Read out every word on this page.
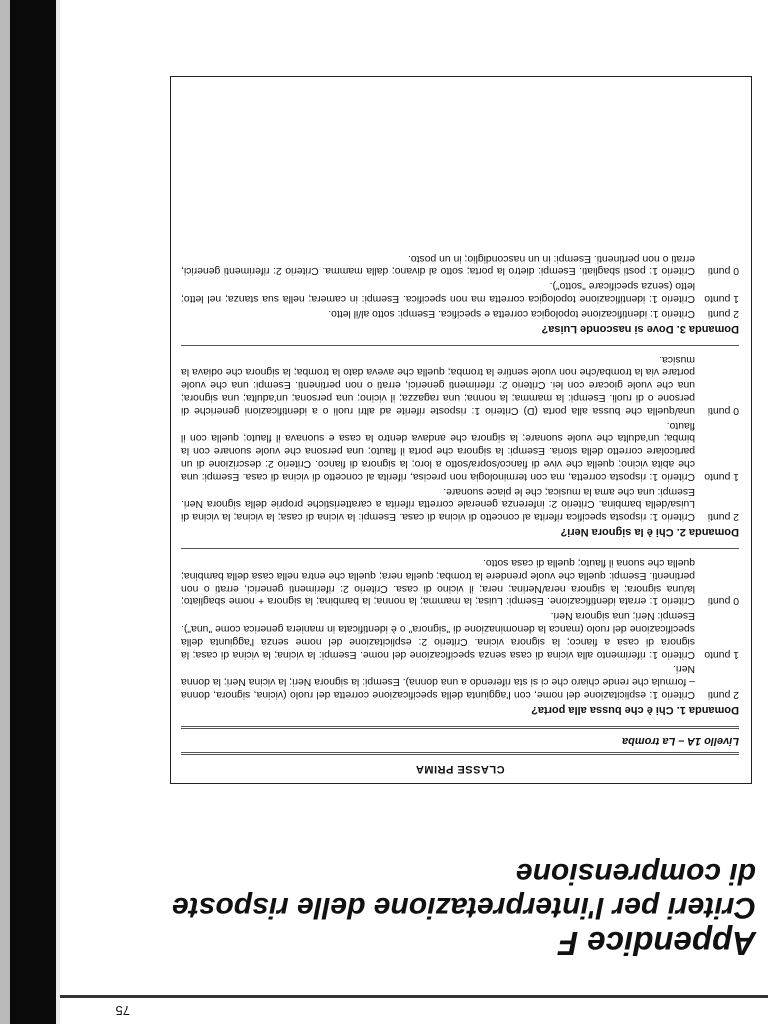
75

Appendice F

Criteri per l'interpretazione delle risposte

di comprensione

CLASSE PRIMA

Livello 1A – La tromba

Domanda 1. Chi è che bussa alla porta?

2 punti
Criterio 1: esplicitazione del nome, con l'aggiunta della specificazione corretta del ruolo (vicina, signora, donna – formula che rende chiaro che ci si sta riferendo a una donna). Esempi: la signora Neri; la vicina Neri; la donna Neri.
1 punto
Criterio 1: riferimento alla vicina di casa senza specificazione del nome. Esempi: la vicina; la vicina di casa; la signora di casa a fianco; la signora vicina. Criterio 2: esplicitazione del nome senza l'aggiunta della specificazione del ruolo (manca la denominazione di "signora" o è identificata in maniera generica come "una"). Esempi: Neri; una signora Neri.
0 punti
Criterio 1: errata identificazione. Esempi: Luisa; la mamma; la nonna; la bambina; la signora + nome sbagliato; la/una signora; la signora nera/Nerina; nera; il vicino di casa. Criterio 2: riferimenti generici, errati o non pertinenti. Esempi: quella che vuole prendere la tromba; quella nera; quella che entra nella casa della bambina; quella che suona il flauto; quella di casa sotto.

Domanda 2. Chi è la signora Neri?

2 punti
Criterio 1: risposta specifica riferita al concetto di vicina di casa. Esempi: la vicina di casa; la vicina; la vicina di Luisa/della bambina. Criterio 2: inferenza generale corretta riferita a caratteristiche proprie della signora Neri. Esempi: una che ama la musica; che le piace suonare.
1 punto
Criterio 1: risposta corretta, ma con terminologia non precisa, riferita al concetto di vicina di casa. Esempi: una che abita vicino; quella che vive di fianco/sopra/sotto a loro; la signora di fianco. Criterio 2: descrizione di un particolare corretto della storia. Esempi: la signora che porta il flauto; una persona che vuole suonare con la bimba; un'adulta che vuole suonare; la signora che andava dentro la casa e suonava il flauto; quella con il flauto.
0 punti
una/quella che bussa alla porta (D) Criterio 1: risposte riferite ad altri ruoli o a identificazioni generiche di persone o di ruoli. Esempi: la mamma; la nonna; una ragazza; il vicino; una persona; un'adulta; una signora; una che vuole giocare con lei. Criterio 2: riferimenti generici, errati o non pertinenti. Esempi: una che vuole portare via la tromba/che non vuole sentire la tromba; quella che aveva dato la tromba; la signora che odiava la musica.

Domanda 3. Dove si nasconde Luisa?

2 punti
Criterio 1: identificazione topologica corretta e specifica. Esempi: sotto al/il letto.
1 punto
Criterio 1: identificazione topologica corretta ma non specifica. Esempi: in camera; nella sua stanza; nel letto; letto (senza specificare "sotto").
0 punti
Criterio 1: posti sbagliati. Esempi: dietro la porta; sotto al divano; dalla mamma. Criterio 2: riferimenti generici, errati o non pertinenti. Esempi: in un nascondiglio; in un posto.
